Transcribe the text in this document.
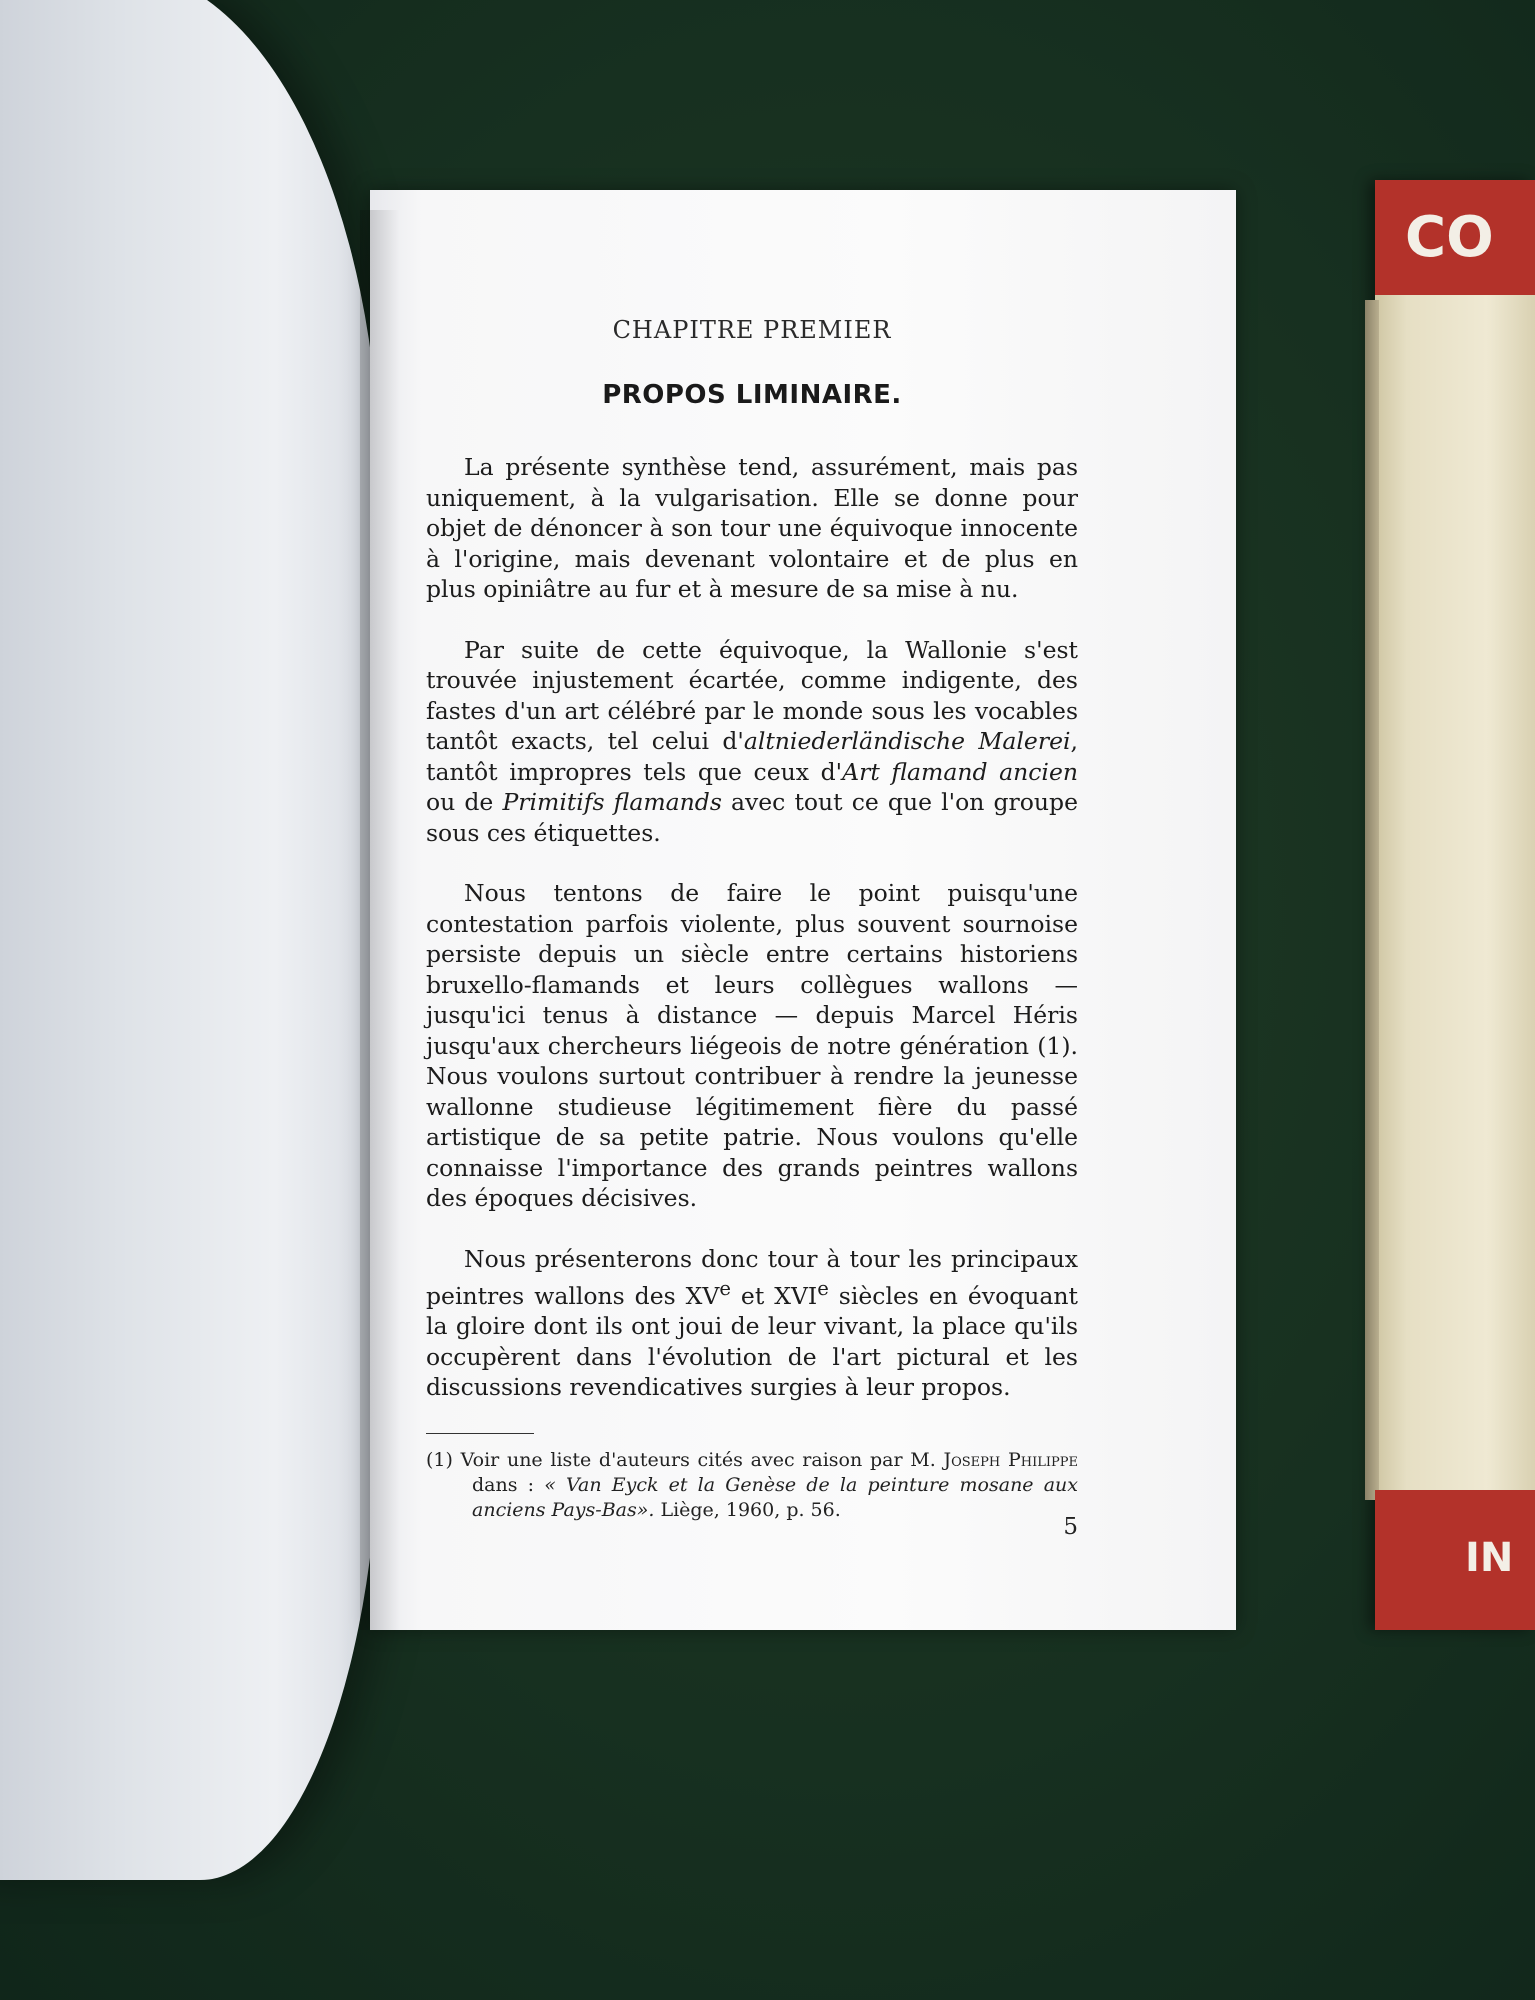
CO
IN
CHAPITRE PREMIER
PROPOS LIMINAIRE.

La présente synthèse tend, assurément, mais pas uniquement, à la vulgarisation. Elle se donne pour objet de dénoncer à son tour une équivoque innocente à l'origine, mais devenant volontaire et de plus en plus opiniâtre au fur et à mesure de sa mise à nu.

Par suite de cette équivoque, la Wallonie s'est trouvée injustement écartée, comme indigente, des fastes d'un art célébré par le monde sous les vocables tantôt exacts, tel celui d'altniederländische Malerei, tantôt impropres tels que ceux d'Art flamand ancien ou de Primitifs flamands avec tout ce que l'on groupe sous ces étiquettes.

Nous tentons de faire le point puisqu'une contestation parfois violente, plus souvent sournoise persiste depuis un siècle entre certains historiens bruxello-flamands et leurs collègues wallons — jusqu'ici tenus à distance — depuis Marcel Héris jusqu'aux chercheurs liégeois de notre génération (1). Nous voulons surtout contribuer à rendre la jeunesse wallonne studieuse légitimement fière du passé artistique de sa petite patrie. Nous voulons qu'elle connaisse l'importance des grands peintres wallons des époques décisives.

Nous présenterons donc tour à tour les principaux peintres wallons des XVe et XVIe siècles en évoquant la gloire dont ils ont joui de leur vivant, la place qu'ils occupèrent dans l'évolution de l'art pictural et les discussions revendicatives surgies à leur propos.

(1) Voir une liste d'auteurs cités avec raison par M. Joseph Philippe dans : « Van Eyck et la Genèse de la peinture mosane aux anciens Pays-Bas». Liège, 1960, p. 56.
5
